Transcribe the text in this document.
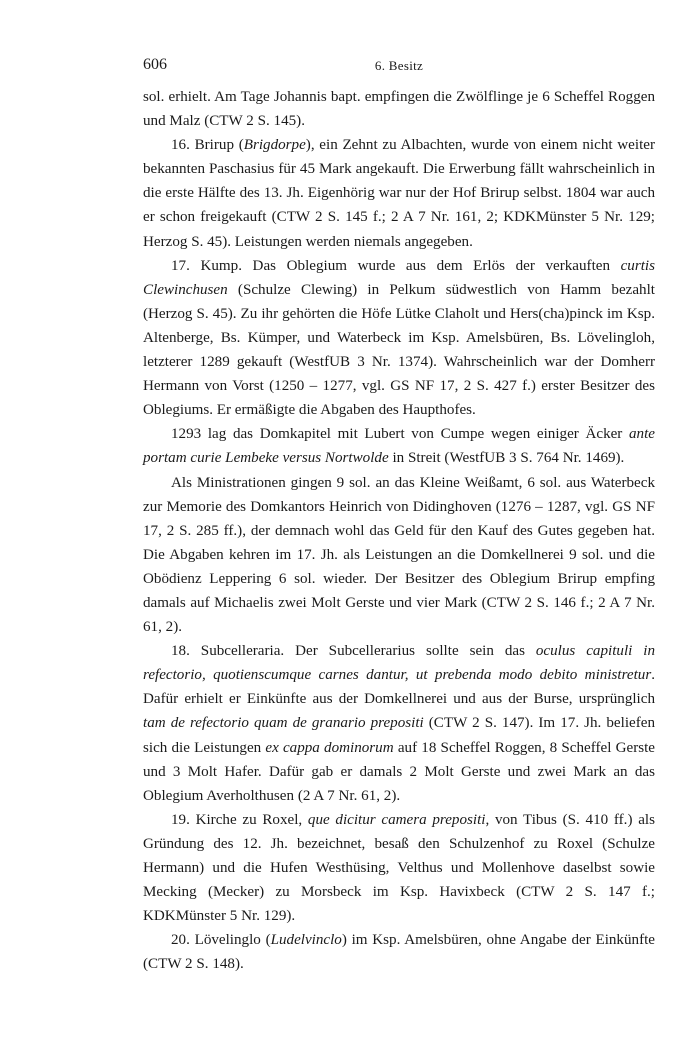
606	6. Besitz

sol. erhielt. Am Tage Johannis bapt. empfingen die Zwölflinge je 6 Scheffel Roggen und Malz (CTW 2 S. 145).

16. Brirup (Brigdorpe), ein Zehnt zu Albachten, wurde von einem nicht weiter bekannten Paschasius für 45 Mark angekauft. Die Erwerbung fällt wahrscheinlich in die erste Hälfte des 13. Jh. Eigenhörig war nur der Hof Brirup selbst. 1804 war auch er schon freigekauft (CTW 2 S. 145 f.; 2 A 7 Nr. 161, 2; KDKMünster 5 Nr. 129; Herzog S. 45). Leistungen werden niemals angegeben.

17. Kump. Das Oblegium wurde aus dem Erlös der verkauften curtis Clewinchusen (Schulze Clewing) in Pelkum südwestlich von Hamm bezahlt (Herzog S. 45). Zu ihr gehörten die Höfe Lütke Claholt und Hers(cha)pinck im Ksp. Altenberge, Bs. Kümper, und Waterbeck im Ksp. Amelsbüren, Bs. Lövelingloh, letzterer 1289 gekauft (WestfUB 3 Nr. 1374). Wahrscheinlich war der Domherr Hermann von Vorst (1250 – 1277, vgl. GS NF 17, 2 S. 427 f.) erster Besitzer des Oblegiums. Er ermäßigte die Abgaben des Haupthofes.

1293 lag das Domkapitel mit Lubert von Cumpe wegen einiger Äcker ante portam curie Lembeke versus Nortwolde in Streit (WestfUB 3 S. 764 Nr. 1469).

Als Ministrationen gingen 9 sol. an das Kleine Weißamt, 6 sol. aus Waterbeck zur Memorie des Domkantors Heinrich von Didinghoven (1276 – 1287, vgl. GS NF 17, 2 S. 285 ff.), der demnach wohl das Geld für den Kauf des Gutes gegeben hat. Die Abgaben kehren im 17. Jh. als Leistungen an die Domkellnerei 9 sol. und die Obödienz Leppering 6 sol. wieder. Der Besitzer des Oblegium Brirup empfing damals auf Michaelis zwei Molt Gerste und vier Mark (CTW 2 S. 146 f.; 2 A 7 Nr. 61, 2).

18. Subcelleraria. Der Subcellerarius sollte sein das oculus capituli in refectorio, quotienscumque carnes dantur, ut prebenda modo debito ministretur. Dafür erhielt er Einkünfte aus der Domkellnerei und aus der Burse, ursprünglich tam de refectorio quam de granario prepositi (CTW 2 S. 147). Im 17. Jh. beliefen sich die Leistungen ex cappa dominorum auf 18 Scheffel Roggen, 8 Scheffel Gerste und 3 Molt Hafer. Dafür gab er damals 2 Molt Gerste und zwei Mark an das Oblegium Averholthusen (2 A 7 Nr. 61, 2).

19. Kirche zu Roxel, que dicitur camera prepositi, von Tibus (S. 410 ff.) als Gründung des 12. Jh. bezeichnet, besaß den Schulzenhof zu Roxel (Schulze Hermann) und die Hufen Westhüsing, Velthus und Mollenhove daselbst sowie Mecking (Mecker) zu Morsbeck im Ksp. Havixbeck (CTW 2 S. 147 f.; KDKMünster 5 Nr. 129).

20. Lövelinglo (Ludelvinclo) im Ksp. Amelsbüren, ohne Angabe der Einkünfte (CTW 2 S. 148).
